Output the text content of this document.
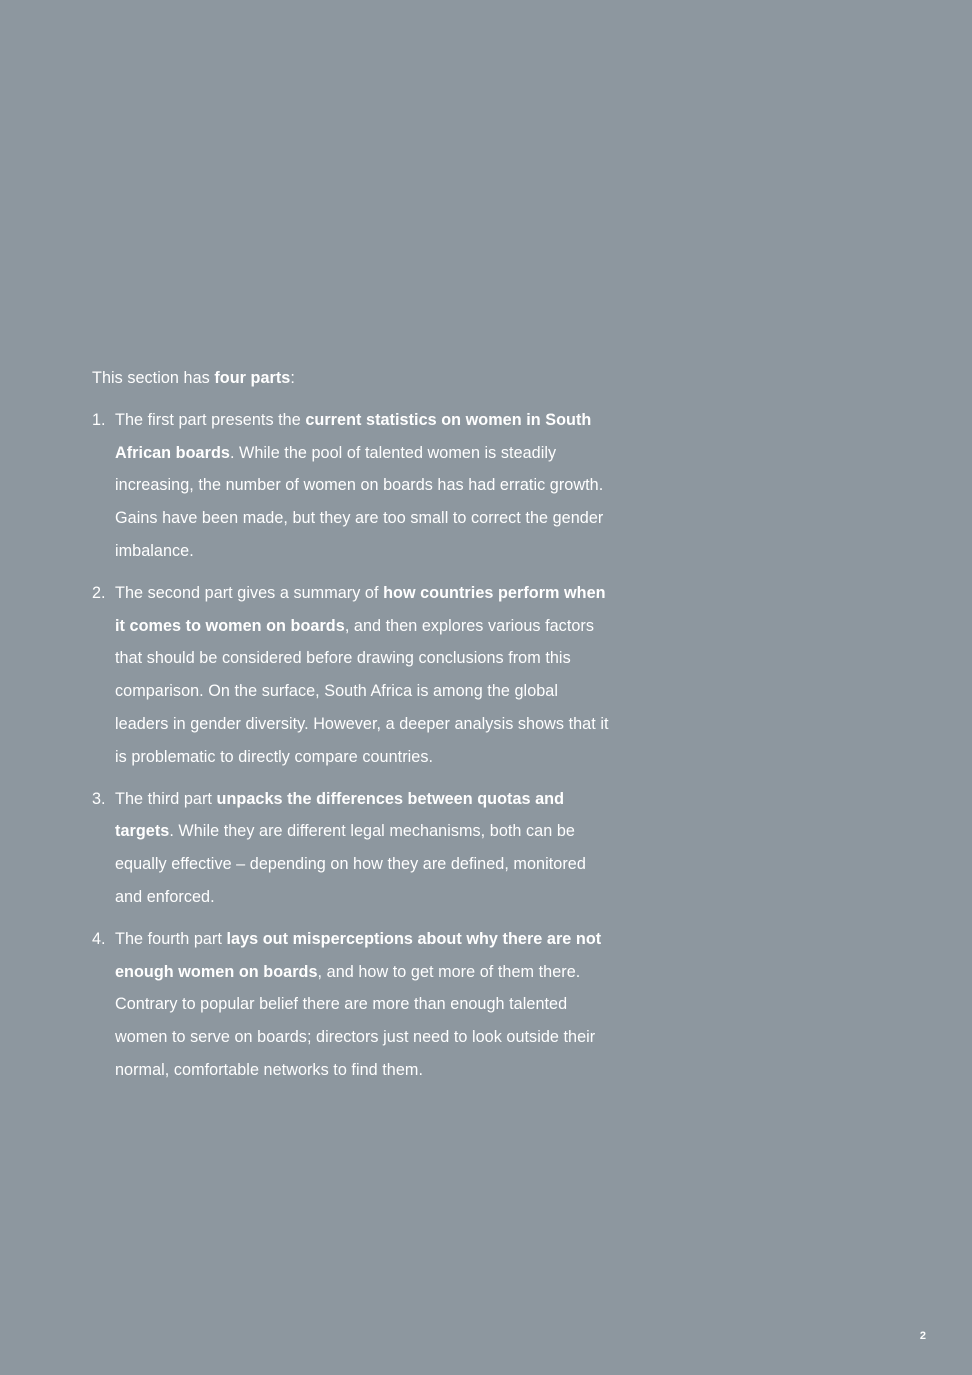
This section has four parts:

1. The first part presents the current statistics on women in South African boards. While the pool of talented women is steadily increasing, the number of women on boards has had erratic growth. Gains have been made, but they are too small to correct the gender imbalance.
2. The second part gives a summary of how countries perform when it comes to women on boards, and then explores various factors that should be considered before drawing conclusions from this comparison. On the surface, South Africa is among the global leaders in gender diversity. However, a deeper analysis shows that it is problematic to directly compare countries.
3. The third part unpacks the differences between quotas and targets. While they are different legal mechanisms, both can be equally effective – depending on how they are defined, monitored and enforced.
4. The fourth part lays out misperceptions about why there are not enough women on boards, and how to get more of them there. Contrary to popular belief there are more than enough talented women to serve on boards; directors just need to look outside their normal, comfortable networks to find them.
2
